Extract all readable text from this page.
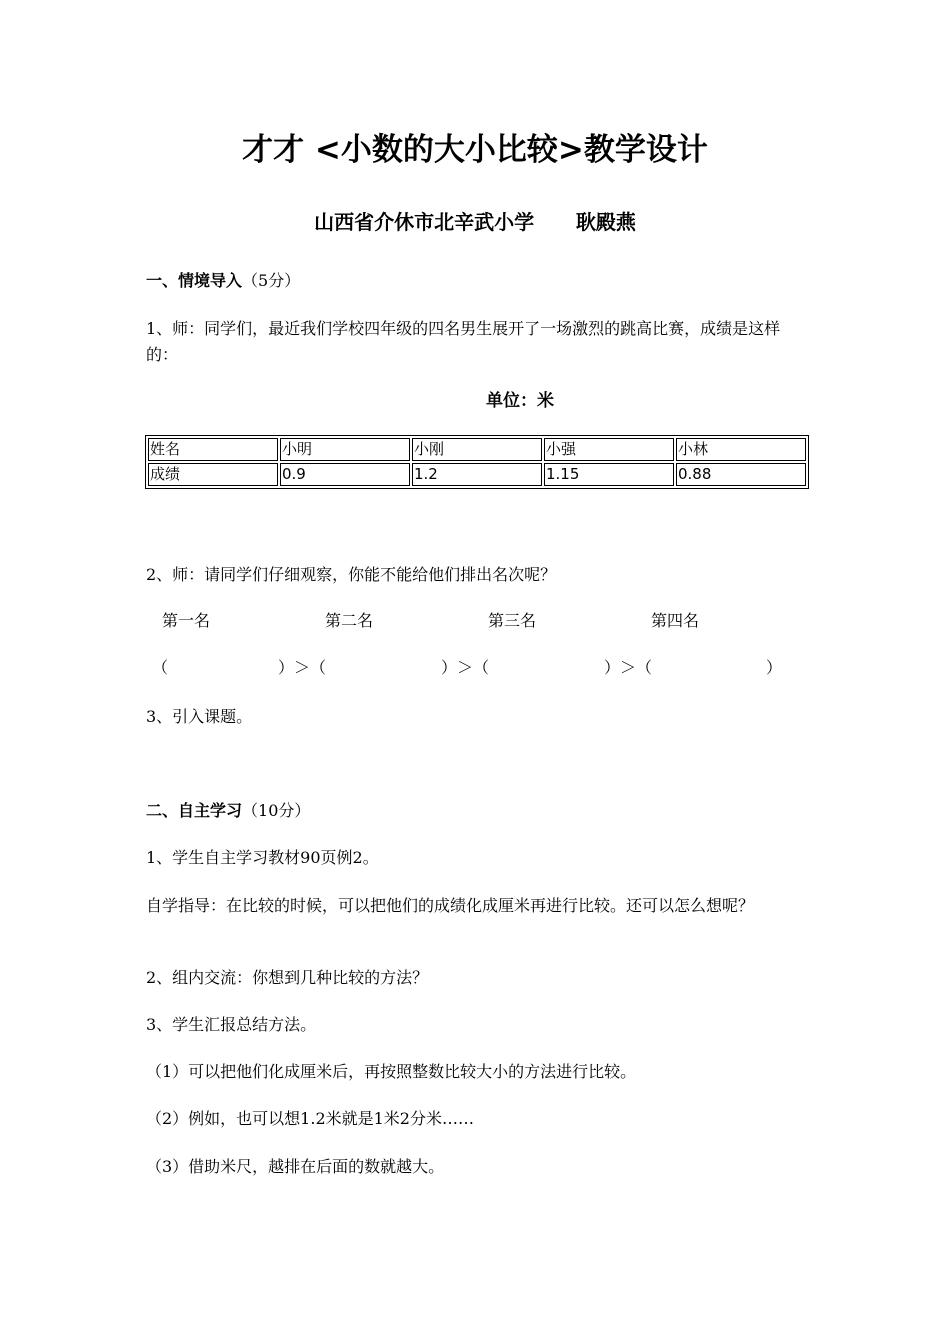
才才 <小数的大小比较>教学设计
山西省介休市北辛武小学      耿殿燕
一、情境导入（5分）
1、师：同学们，最近我们学校四年级的四名男生展开了一场激烈的跳高比赛，成绩是这样的：
单位：米
姓名	小明	小刚	小强	小林
成绩	0.9	1.2	1.15	0.88
2、师：请同学们仔细观察，你能不能给他们排出名次呢？
第一名	第二名	第三名	第四名
（	）＞（	）＞（	）＞（	）
3、引入课题。
二、自主学习（10分）
1、学生自主学习教材90页例2。
自学指导：在比较的时候，可以把他们的成绩化成厘米再进行比较。还可以怎么想呢？
2、组内交流：你想到几种比较的方法？
3、学生汇报总结方法。
（1）可以把他们化成厘米后，再按照整数比较大小的方法进行比较。
（2）例如，也可以想1.2米就是1米2分米……
（3）借助米尺，越排在后面的数就越大。
